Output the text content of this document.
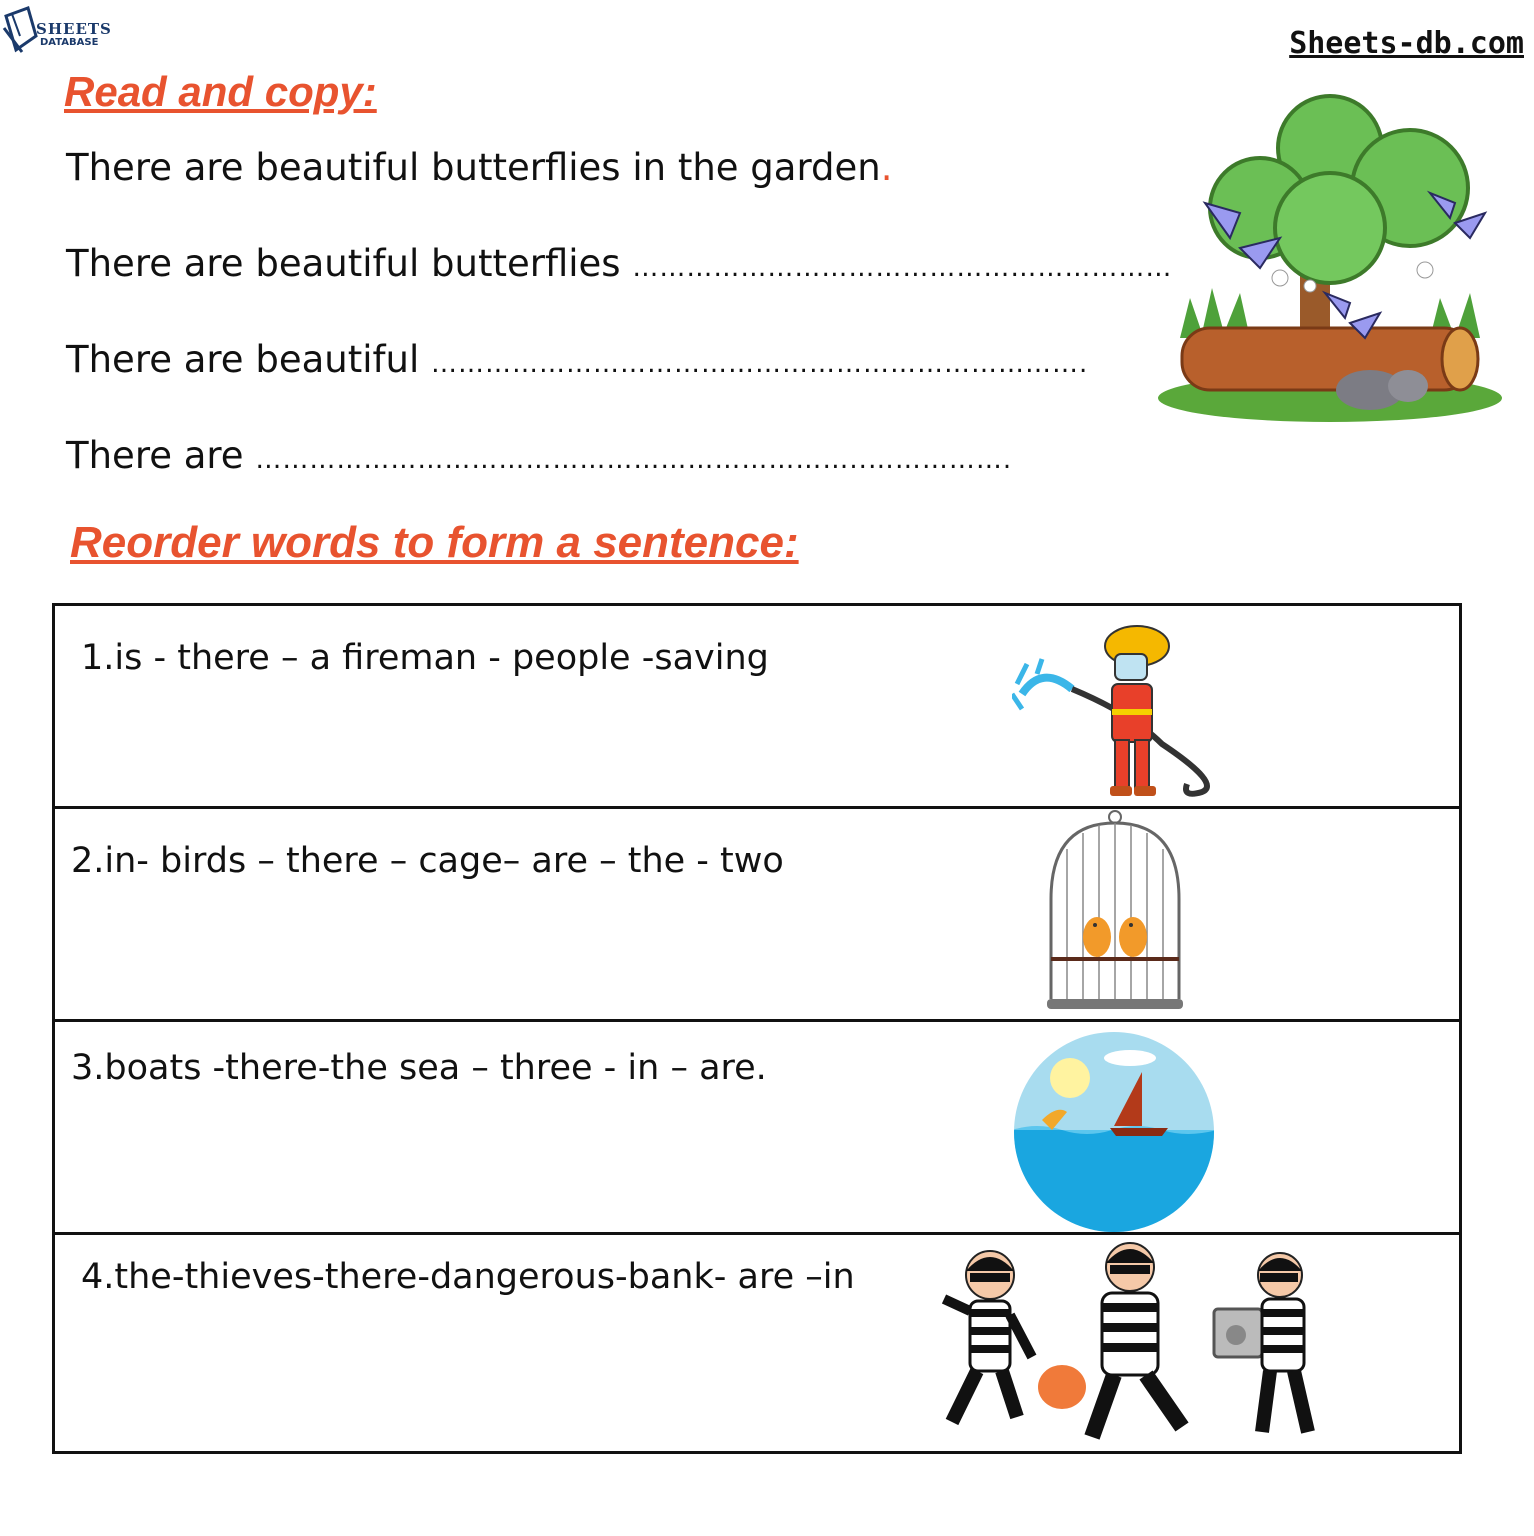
SHEETS
DATABASE	Sheets-db.com
Read and copy:
There are beautiful butterflies in the garden.
There are beautiful butterflies ……………………………………………………
There are beautiful ……………………………………………………………….
There are …………………………………………………………..…………….
Reorder words to form a sentence:
1.is - there – a fireman - people -saving

2.in- birds – there – cage– are – the - two

3.boats -there-the sea – three - in – are.

4.the-thieves-there-dangerous-bank- are –in
